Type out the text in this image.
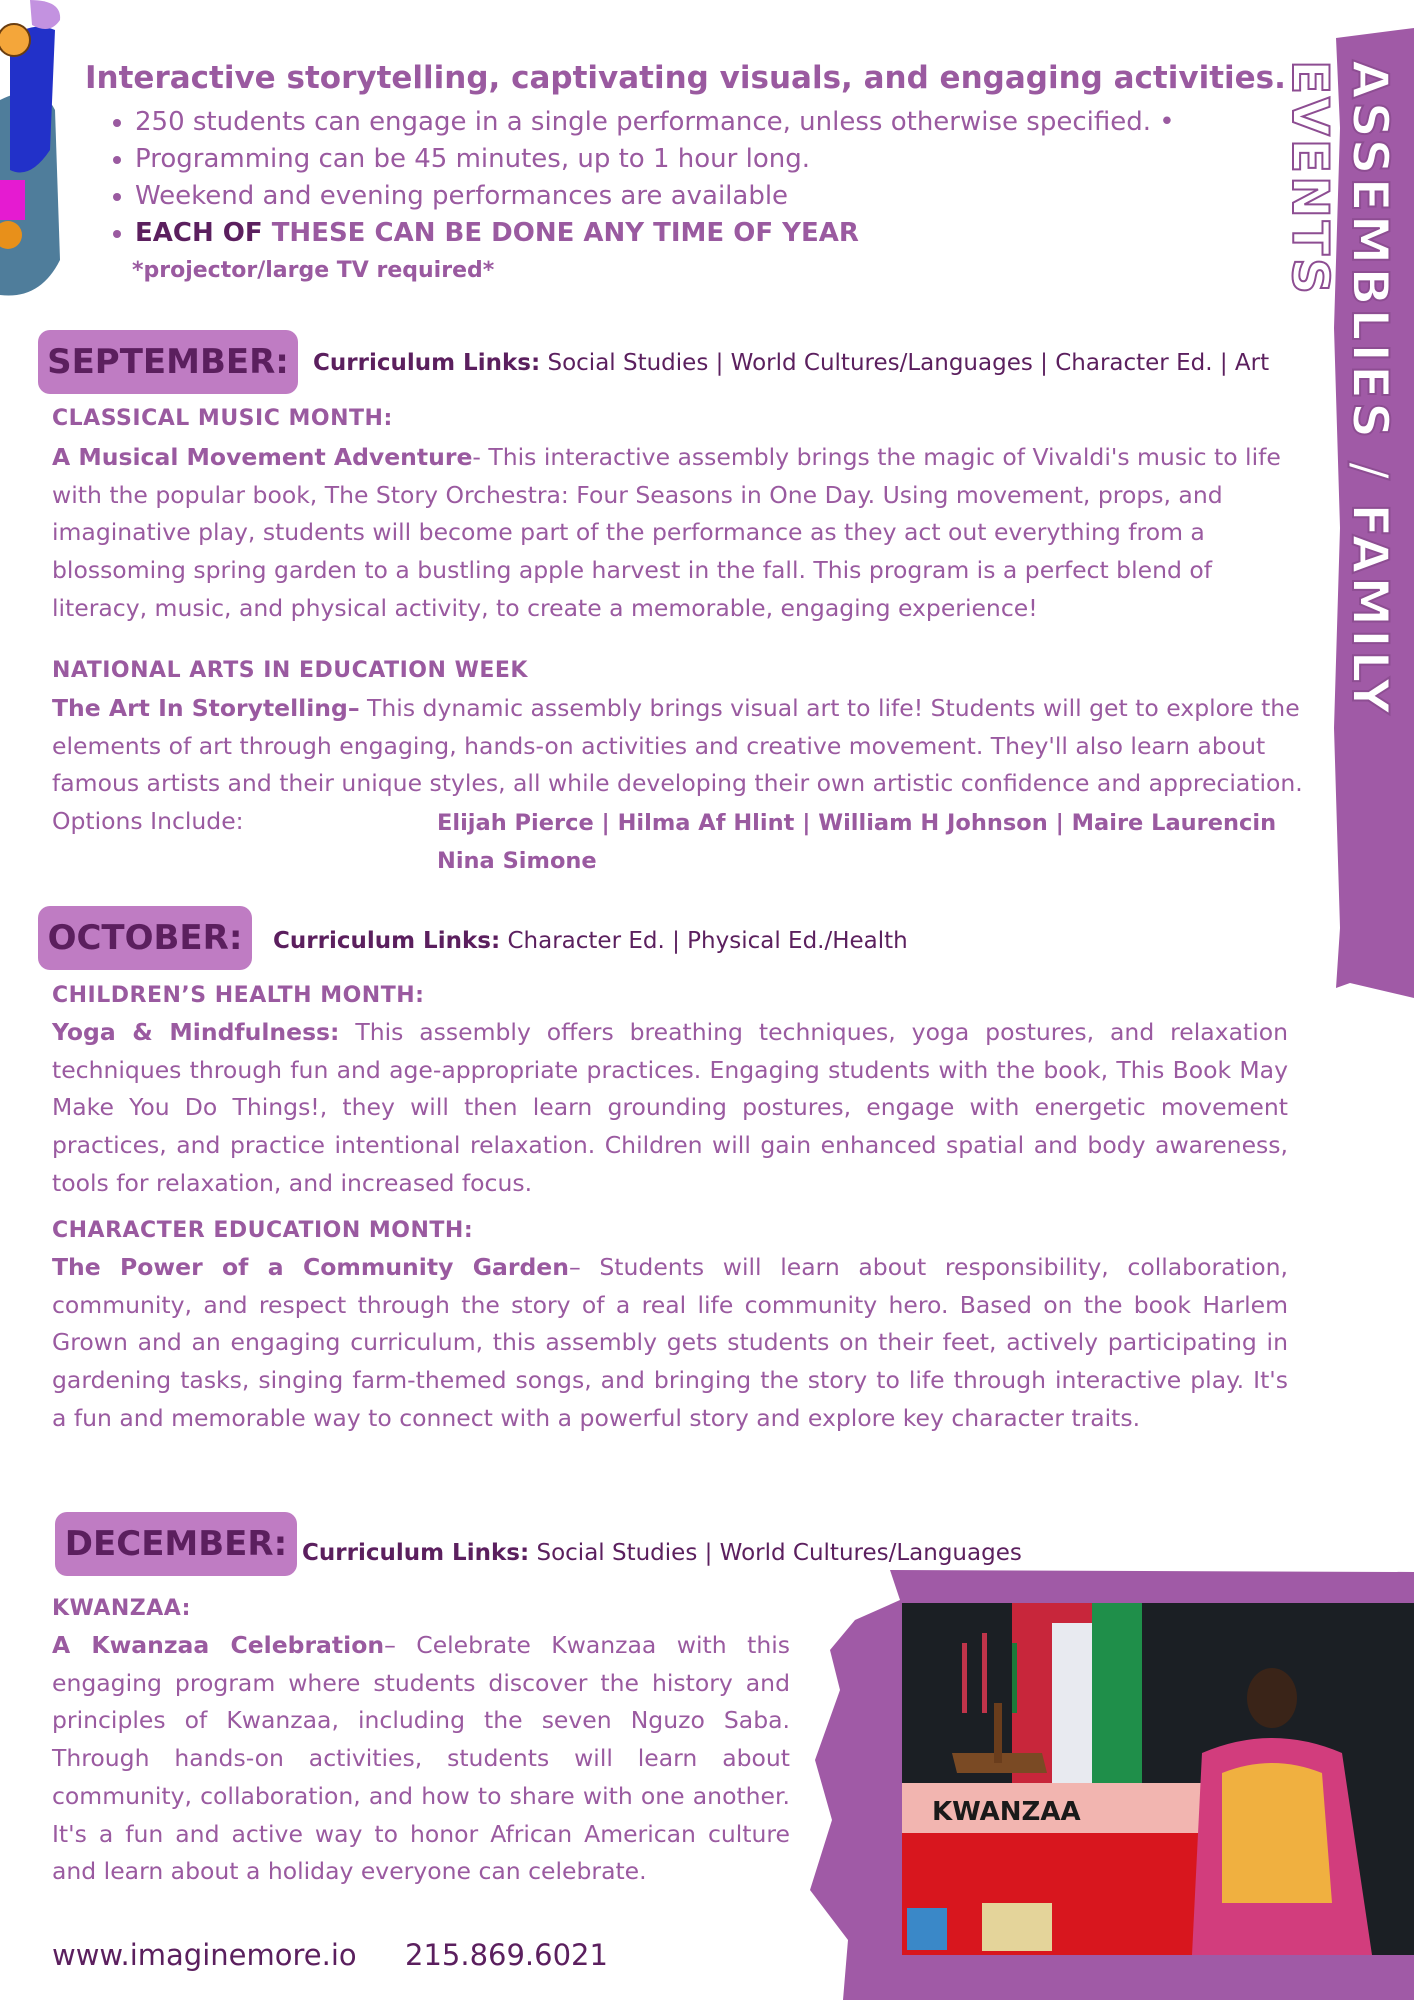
ASSEMBLIES / FAMILY EVENTS
Interactive storytelling, captivating visuals, and engaging activities.
• 250 students can engage in a single performance, unless otherwise specified. •
• Programming can be 45 minutes, up to 1 hour long.
• Weekend and evening performances are available
• EACH OF THESE CAN BE DONE ANY TIME OF YEAR
*projector/large TV required*
SEPTEMBER:	Curriculum Links: Social Studies | World Cultures/Languages | Character Ed. | Art
CLASSICAL MUSIC MONTH:

A Musical Movement Adventure- This interactive assembly brings the magic of Vivaldi's music to life with the popular book, The Story Orchestra: Four Seasons in One Day. Using movement, props, and imaginative play, students will become part of the performance as they act out everything from a blossoming spring garden to a bustling apple harvest in the fall. This program is a perfect blend of literacy, music, and physical activity, to create a memorable, engaging experience!

NATIONAL ARTS IN EDUCATION WEEK

The Art In Storytelling– This dynamic assembly brings visual art to life! Students will get to explore the elements of art through engaging, hands-on activities and creative movement. They'll also learn about famous artists and their unique styles, all while developing their own artistic confidence and appreciation. Options Include:	Elijah Pierce | Hilma Af Hlint | William H Johnson | Maire Laurencin
Nina Simone
OCTOBER:	Curriculum Links: Character Ed. | Physical Ed./Health
CHILDREN’S HEALTH MONTH:

Yoga & Mindfulness: This assembly offers breathing techniques, yoga postures, and relaxation techniques through fun and age-appropriate practices. Engaging students with the book, This Book May Make You Do Things!, they will then learn grounding postures, engage with energetic movement practices, and practice intentional relaxation. Children will gain enhanced spatial and body awareness, tools for relaxation, and increased focus.

CHARACTER EDUCATION MONTH:

The Power of a Community Garden– Students will learn about responsibility, collaboration, community, and respect through the story of a real life community hero. Based on the book Harlem Grown and an engaging curriculum, this assembly gets students on their feet, actively participating in gardening tasks, singing farm-themed songs, and bringing the story to life through interactive play. It's a fun and memorable way to connect with a powerful story and explore key character traits.

DECEMBER: Curriculum Links: Social Studies | World Cultures/Languages
KWANZAA:

A Kwanzaa Celebration– Celebrate Kwanzaa with this engaging program where students discover the history and principles of Kwanzaa, including the seven Nguzo Saba. Through hands-on activities, students will learn about community, collaboration, and how to share with one another. It's a fun and active way to honor African American culture and learn about a holiday everyone can celebrate.

KWANZAA
www.imaginemore.io 215.869.6021
